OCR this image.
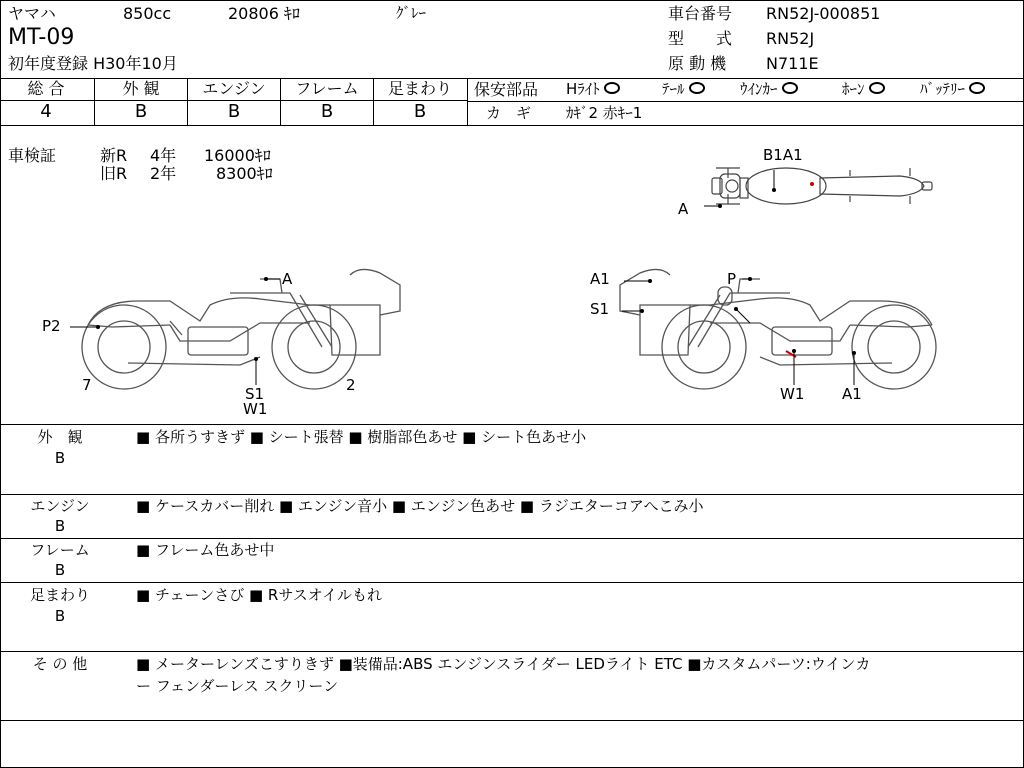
ヤマハ	850cc	20806 ｷﾛ	ｸﾞﾚｰ
MT-09
初年度登録 H30年10月
車台番号 RN52J-000851
型　　式 RN52J
原 動 機 N711E
総 合	外 観	エンジン	フレーム	足まわり
4	B	B	B	B
保安部品 Hﾗｲﾄ	ﾃｰﾙ	ｳｲﾝｶｰ	ﾎｰﾝ	ﾊﾞｯﾃﾘｰ
カ　ギ ｶｷﾞ2 赤ｷｰ1
車検証	新R 4年 16000ｷﾛ
旧R 2年 8300ｷﾛ
B1A1
A
A
P2
7	2
S1
W1
A1	P
S1
W1	A1
外　観
B
■ 各所うすきず ■ シート張替 ■ 樹脂部色あせ ■ シート色あせ小
エンジン
B
■ ケースカバー削れ ■ エンジン音小 ■ エンジン色あせ ■ ラジエターコアへこみ小
フレーム
B
■ フレーム色あせ中
足まわり
B
■ チェーンさび ■ Rサスオイルもれ
そ の 他	■ メーターレンズこすりきず ■装備品:ABS エンジンスライダー LEDライト ETC ■カスタムパーツ:ウインカ
ー フェンダーレス スクリーン
